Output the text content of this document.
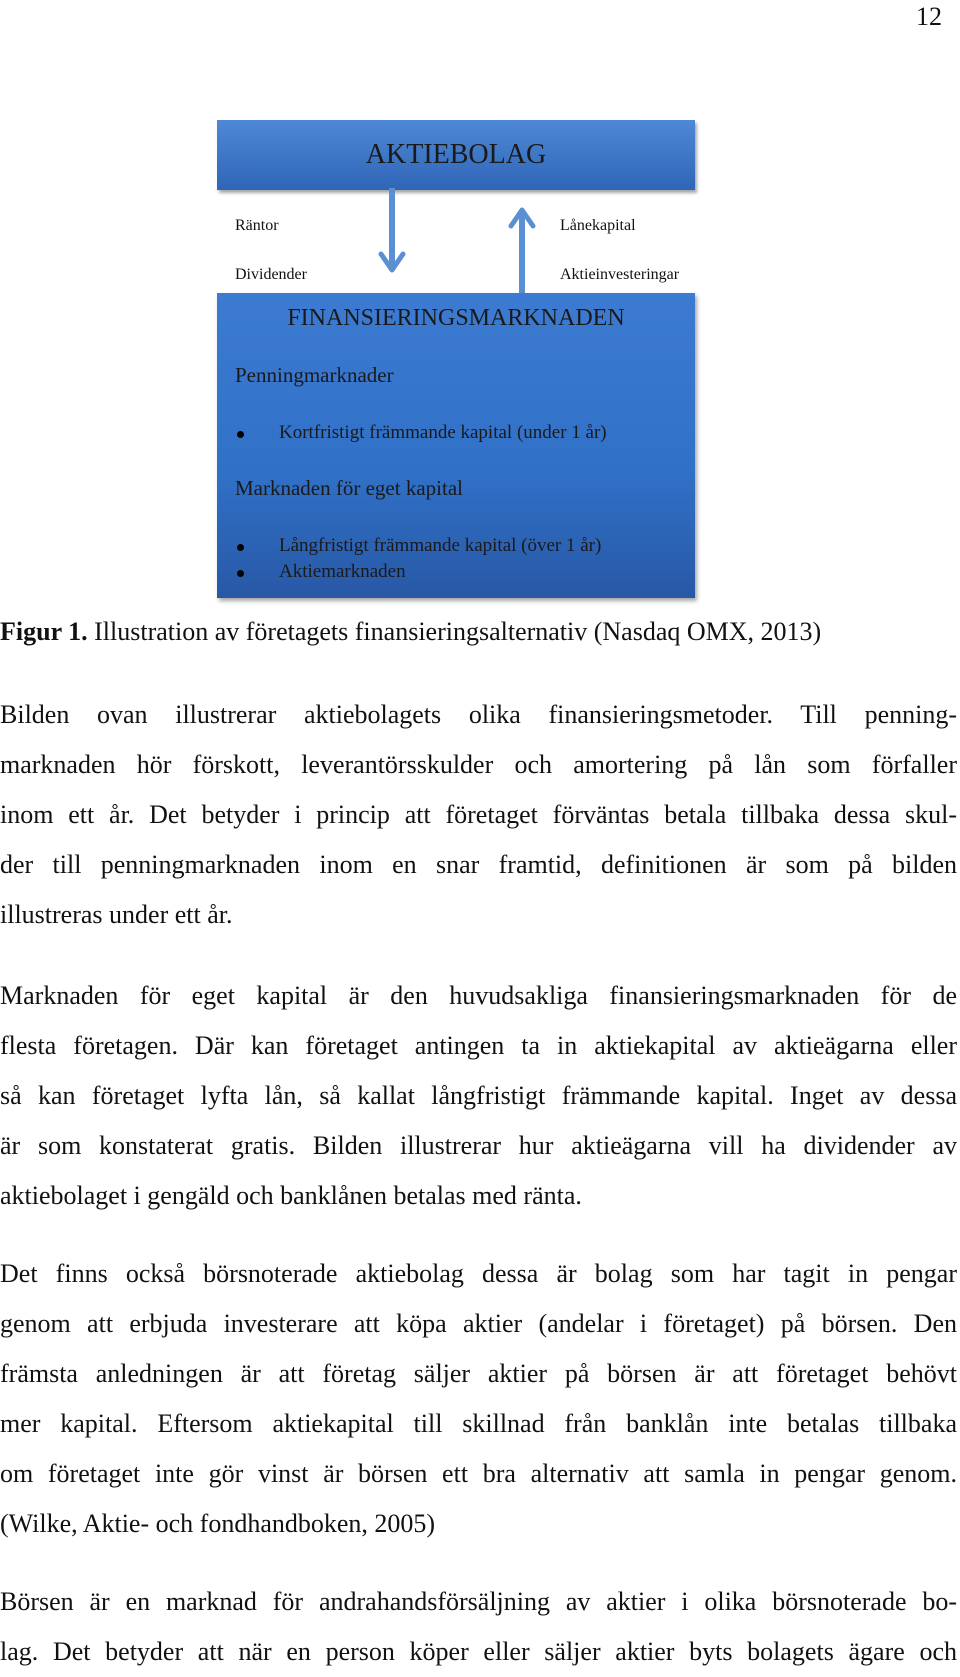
12
AKTIEBOLAG
Räntor
Dividender
Lånekapital
Aktieinvesteringar
FINANSIERINGSMARKNADEN
Penningmarknader
Kortfristigt främmande kapital (under 1 år)
Marknaden för eget kapital
Långfristigt främmande kapital (över 1 år)
Aktiemarknaden
Figur 1. Illustration av företagets finansieringsalternativ (Nasdaq OMX, 2013)
Bilden ovan illustrerar aktiebolagets olika finansieringsmetoder. Till penning-
marknaden hör förskott, leverantörsskulder och amortering på lån som förfaller
inom ett år. Det betyder i princip att företaget förväntas betala tillbaka dessa skul-
der till penningmarknaden inom en snar framtid, definitionen är som på bilden
illustreras under ett år.
Marknaden för eget kapital är den huvudsakliga finansieringsmarknaden för de
flesta företagen. Där kan företaget antingen ta in aktiekapital av aktieägarna eller
så kan företaget lyfta lån, så kallat långfristigt främmande kapital. Inget av dessa
är som konstaterat gratis. Bilden illustrerar hur aktieägarna vill ha dividender av
aktiebolaget i gengäld och banklånen betalas med ränta.
Det finns också börsnoterade aktiebolag dessa är bolag som har tagit in pengar
genom att erbjuda investerare att köpa aktier (andelar i företaget) på börsen. Den
främsta anledningen är att företag säljer aktier på börsen är att företaget behövt
mer kapital. Eftersom aktiekapital till skillnad från banklån inte betalas tillbaka
om företaget inte gör vinst är börsen ett bra alternativ att samla in pengar genom.
(Wilke, Aktie- och fondhandboken, 2005)
Börsen är en marknad för andrahandsförsäljning av aktier i olika börsnoterade bo-
lag. Det betyder att när en person köper eller säljer aktier byts bolagets ägare och
